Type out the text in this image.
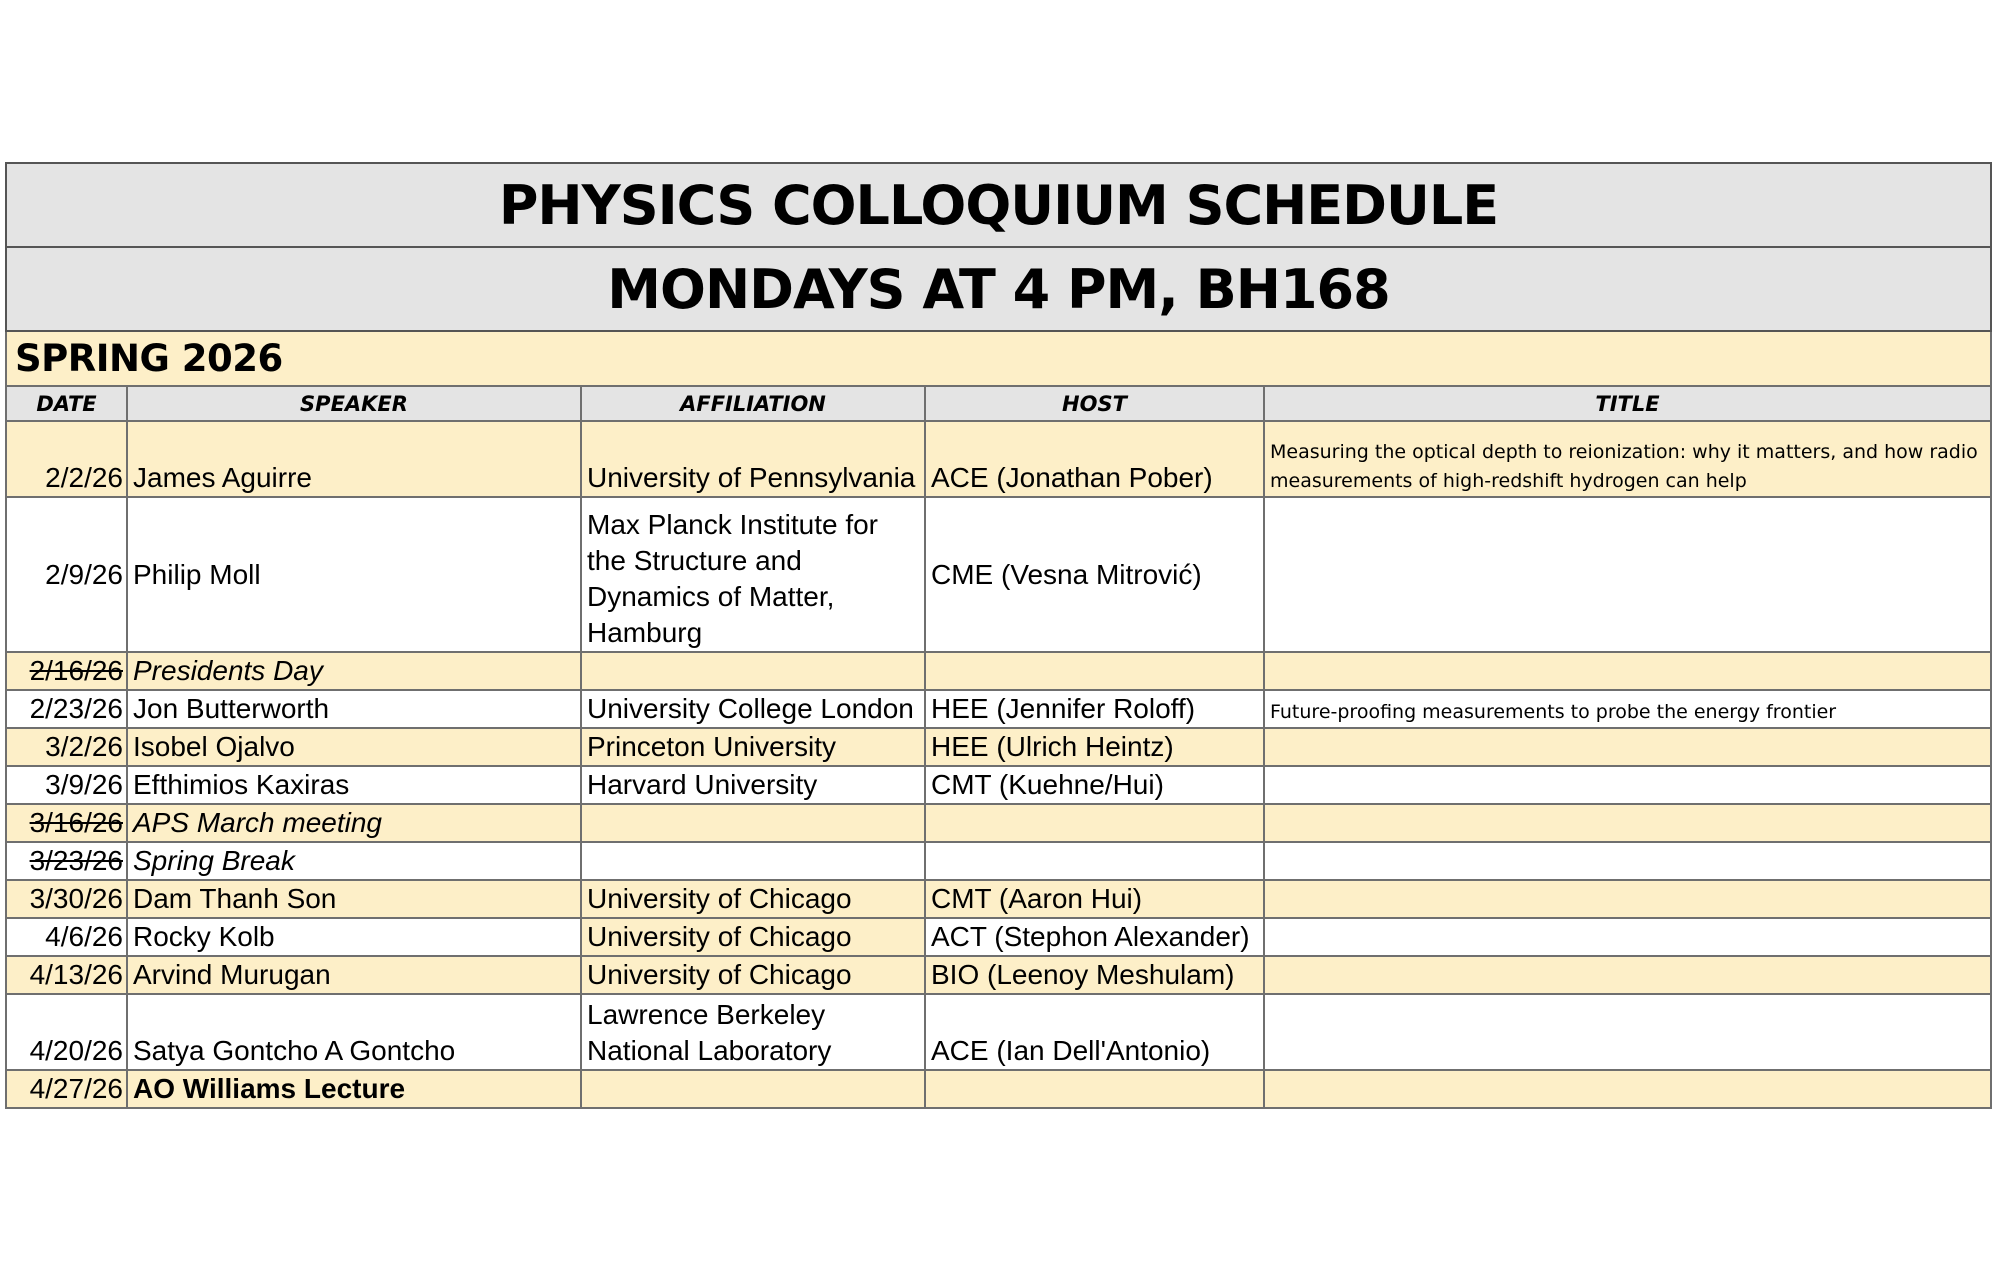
PHYSICS COLLOQUIUM SCHEDULE				
MONDAYS AT 4 PM, BH168				
SPRING 2026				
DATE	SPEAKER	AFFILIATION	HOST	TITLE
2/2/26	James Aguirre	University of Pennsylvania	ACE (Jonathan Pober)	Measuring the optical depth to reionization: why it matters, and how radio measurements of high-redshift hydrogen can help
2/9/26	Philip Moll	Max Planck Institute for the Structure and Dynamics of Matter, Hamburg	CME (Vesna Mitrović)	
2/16/26	Presidents Day			
2/23/26	Jon Butterworth	University College London	HEE (Jennifer Roloff)	Future-proofing measurements to probe the energy frontier
3/2/26	Isobel Ojalvo	Princeton University	HEE (Ulrich Heintz)	
3/9/26	Efthimios Kaxiras	Harvard University	CMT (Kuehne/Hui)	
3/16/26	APS March meeting			
3/23/26	Spring Break			
3/30/26	Dam Thanh Son	University of Chicago	CMT (Aaron Hui)	
4/6/26	Rocky Kolb	University of Chicago	ACT (Stephon Alexander)	
4/13/26	Arvind Murugan	University of Chicago	BIO (Leenoy Meshulam)	
4/20/26	Satya Gontcho A Gontcho	Lawrence Berkeley National Laboratory	ACE (Ian Dell'Antonio)	
4/27/26	AO Williams Lecture			
